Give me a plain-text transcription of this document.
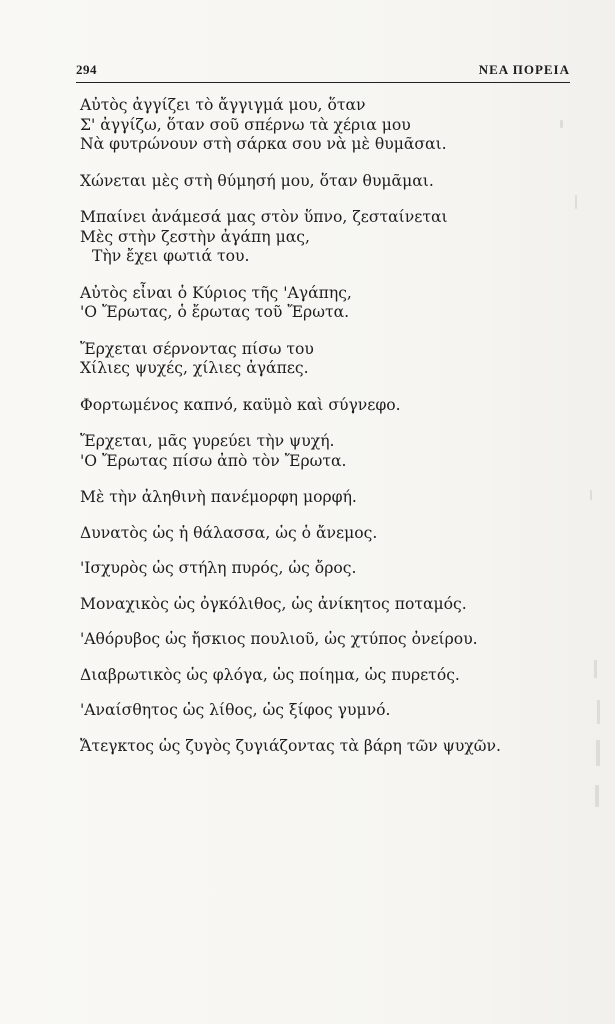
294	ΝΕΑ ΠΟΡΕΙΑ
Αὐτὸς ἀγγίζει τὸ ἄγγιγμά μου, ὅταν
Σ' ἀγγίζω, ὅταν σοῦ σπέρνω τὰ χέρια μου
Νὰ φυτρώνουν στὴ σάρκα σου νὰ μὲ θυμᾶσαι.
Χώνεται μὲς στὴ θύμησή μου, ὅταν θυμᾶμαι.
Μπαίνει ἀνάμεσά μας στὸν ὕπνο, ζεσταίνεται
Μὲς στὴν ζεστὴν ἀγάπη μας,
Τὴν ἔχει φωτιά του.
Αὐτὸς εἶναι ὁ Κύριος τῆς 'Αγάπης,
'Ο Ἔρωτας, ὁ ἔρωτας τοῦ Ἔρωτα.
Ἔρχεται σέρνοντας πίσω του
Χίλιες ψυχές, χίλιες ἀγάπες.
Φορτωμένος καπνό, καϋμὸ καὶ σύγνεφο.
Ἔρχεται, μᾶς γυρεύει τὴν ψυχή.
'Ο Ἔρωτας πίσω ἀπὸ τὸν Ἔρωτα.
Μὲ τὴν ἀληθινὴ πανέμορφη μορφή.
Δυνατὸς ὡς ἡ θάλασσα, ὡς ὁ ἄνεμος.
'Ισχυρὸς ὡς στήλη πυρός, ὡς ὄρος.
Μοναχικὸς ὡς ὀγκόλιθος, ὡς ἀνίκητος ποταμός.
'Αθόρυβος ὡς ἤσκιος πουλιοῦ, ὡς χτύπος ὀνείρου.
Διαβρωτικὸς ὡς φλόγα, ὡς ποίημα, ὡς πυρετός.
'Αναίσθητος ὡς λίθος, ὡς ξίφος γυμνό.
Ἄτεγκτος ὡς ζυγὸς ζυγιάζοντας τὰ βάρη τῶν ψυχῶν.
